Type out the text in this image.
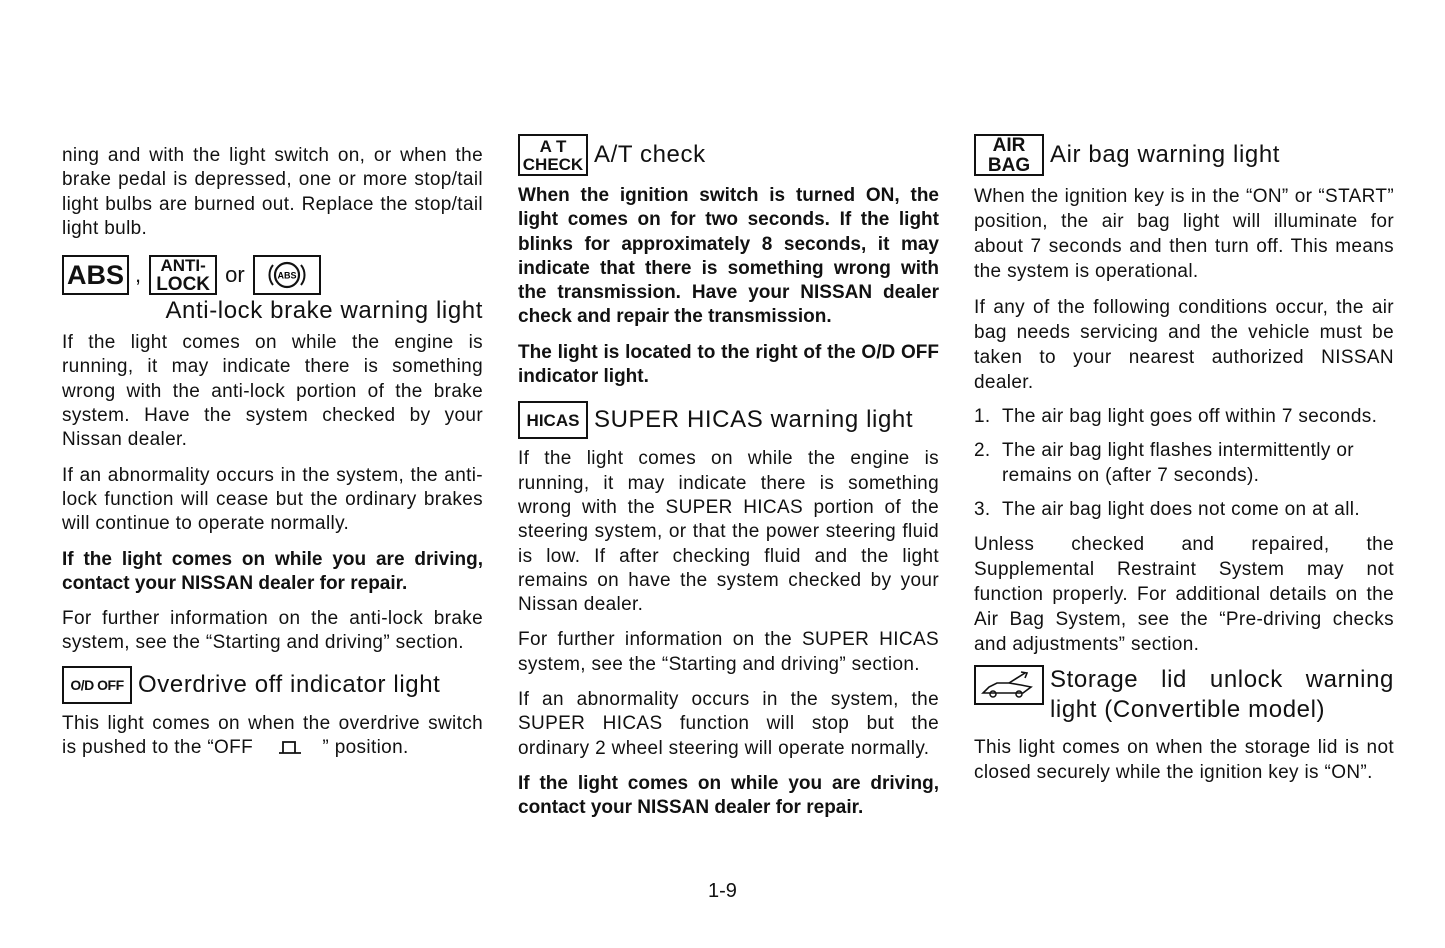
ning and with the light switch on, or when the brake pedal is depressed, one or more stop/tail light bulbs are burned out. Replace the stop/tail light bulb.

ABS , ANTI-
LOCK or	ABS
Anti-lock brake warning light

If the light comes on while the engine is running, it may indicate there is something wrong with the anti-lock portion of the brake system. Have the system checked by your Nissan dealer.

If an abnormality occurs in the system, the anti-lock function will cease but the ordinary brakes will continue to operate normally.

If the light comes on while you are driving, contact your NISSAN dealer for repair.

For further information on the anti-lock brake system, see the “Starting and driving” section.

O/D OFF Overdrive off indicator light

This light comes on when the overdrive switch is pushed to the “OFF	” position.

A T
CHECK A/T check

When the ignition switch is turned ON, the light comes on for two seconds. If the light blinks for approximately 8 seconds, it may indicate that there is something wrong with the transmission. Have your NISSAN dealer check and repair the transmission.

The light is located to the right of the O/D OFF indicator light.

HICAS SUPER HICAS warning light

If the light comes on while the engine is running, it may indicate there is something wrong with the SUPER HICAS portion of the steering system, or that the power steering fluid is low. If after checking fluid and the light remains on have the system checked by your Nissan dealer.

For further information on the SUPER HICAS system, see the “Starting and driving” section.

If an abnormality occurs in the system, the SUPER HICAS function will stop but the ordinary 2 wheel steering will operate normally.

If the light comes on while you are driving, contact your NISSAN dealer for repair.

AIR
BAG Air bag warning light

When the ignition key is in the “ON” or “START” position, the air bag light will illuminate for about 7 seconds and then turn off. This means the system is operational.

If any of the following conditions occur, the air bag needs servicing and the vehicle must be taken to your nearest authorized NISSAN dealer.

1. The air bag light goes off within 7 seconds.
2. The air bag light flashes intermittently or remains on (after 7 seconds).
3. The air bag light does not come on at all.

Unless checked and repaired, the Supplemental Restraint System may not function properly. For additional details on the Air Bag System, see the “Pre-driving checks and adjustments” section.

Storage lid unlock warning
light (Convertible model)

This light comes on when the storage lid is not closed securely while the ignition key is “ON”.

1-9
